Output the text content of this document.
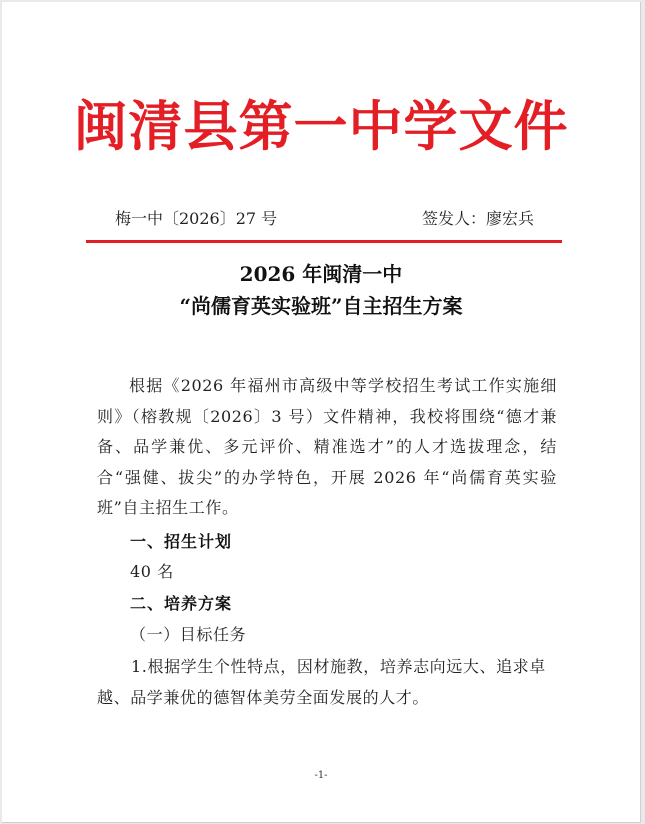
闽清县第一中学文件
梅一中〔2026〕27 号	签发人：廖宏兵
2026 年闽清一中
“尚儒育英实验班”自主招生方案
根据《2026 年福州市高级中等学校招生考试工作实施细则》（榕教规〔2026〕3 号）文件精神，我校将围绕“德才兼备、品学兼优、多元评价、精准选才”的人才选拔理念，结合“强健、拔尖”的办学特色，开展 2026 年“尚儒育英实验班”自主招生工作。
一、招生计划
40 名
二、培养方案
（一）目标任务
1.根据学生个性特点，因材施教，培养志向远大、追求卓越、品学兼优的德智体美劳全面发展的人才。
-1-
